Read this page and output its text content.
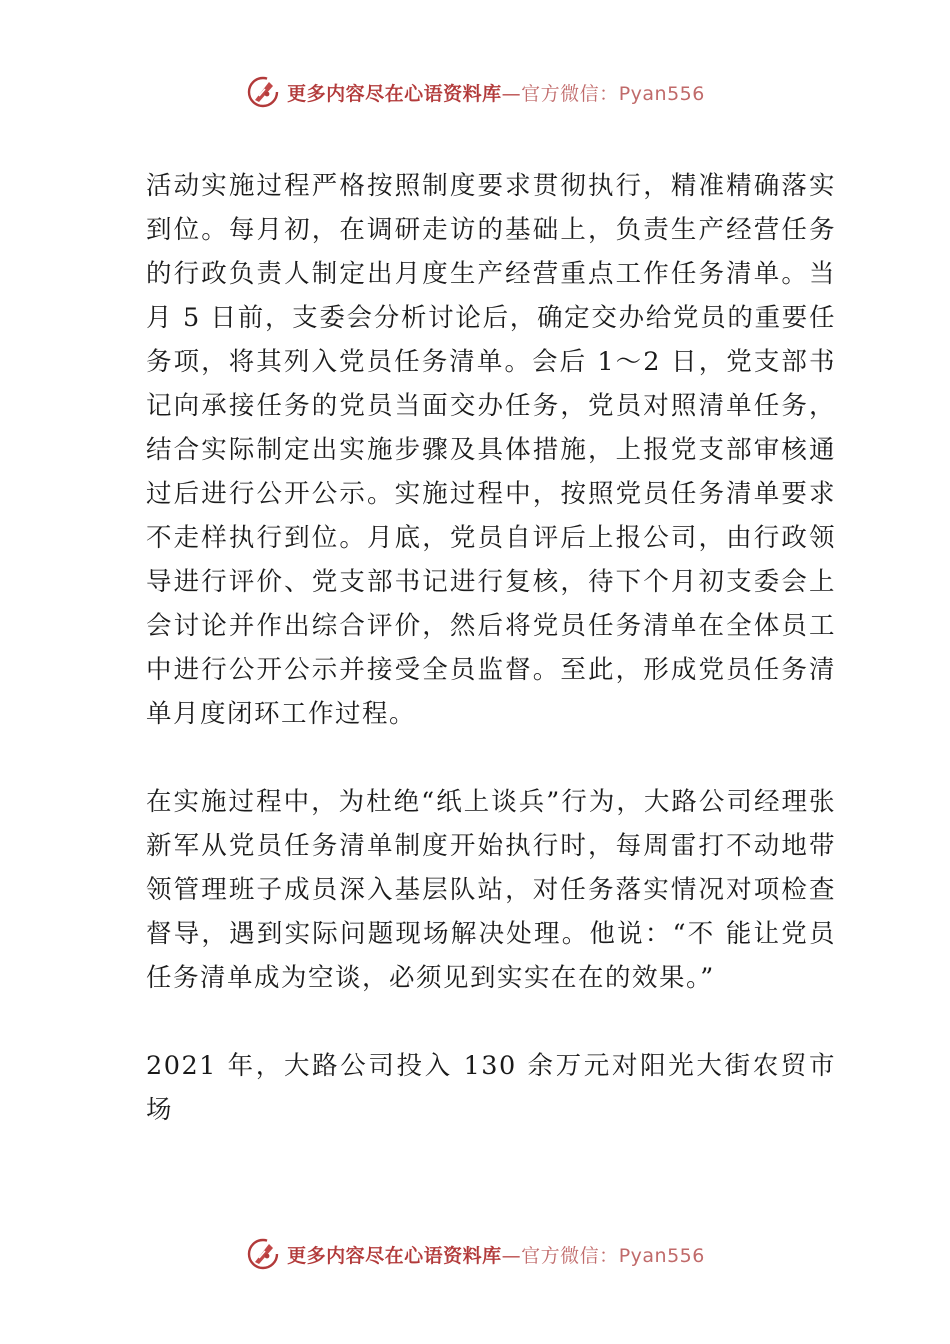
更多内容尽在心语资料库—官方微信：Pyan556

活动实施过程严格按照制度要求贯彻执行，精准精确落实到位。每月初，在调研走访的基础上，负责生产经营任务的行政负责人制定出月度生产经营重点工作任务清单。当月 5 日前，支委会分析讨论后，确定交办给党员的重要任务项，将其列入党员任务清单。会后 1～2 日，党支部书记向承接任务的党员当面交办任务，党员对照清单任务，结合实际制定出实施步骤及具体措施，上报党支部审核通过后进行公开公示。实施过程中，按照党员任务清单要求不走样执行到位。月底，党员自评后上报公司，由行政领导进行评价、党支部书记进行复核，待下个月初支委会上会讨论并作出综合评价，然后将党员任务清单在全体员工中进行公开公示并接受全员监督。至此，形成党员任务清单月度闭环工作过程。

在实施过程中，为杜绝“纸上谈兵”行为，大路公司经理张新军从党员任务清单制度开始执行时，每周雷打不动地带领管理班子成员深入基层队站，对任务落实情况对项检查督导，遇到实际问题现场解决处理。他说：“不 能让党员任务清单成为空谈，必须见到实实在在的效果。”

2021 年，大路公司投入 130 余万元对阳光大街农贸市场

更多内容尽在心语资料库—官方微信：Pyan556
